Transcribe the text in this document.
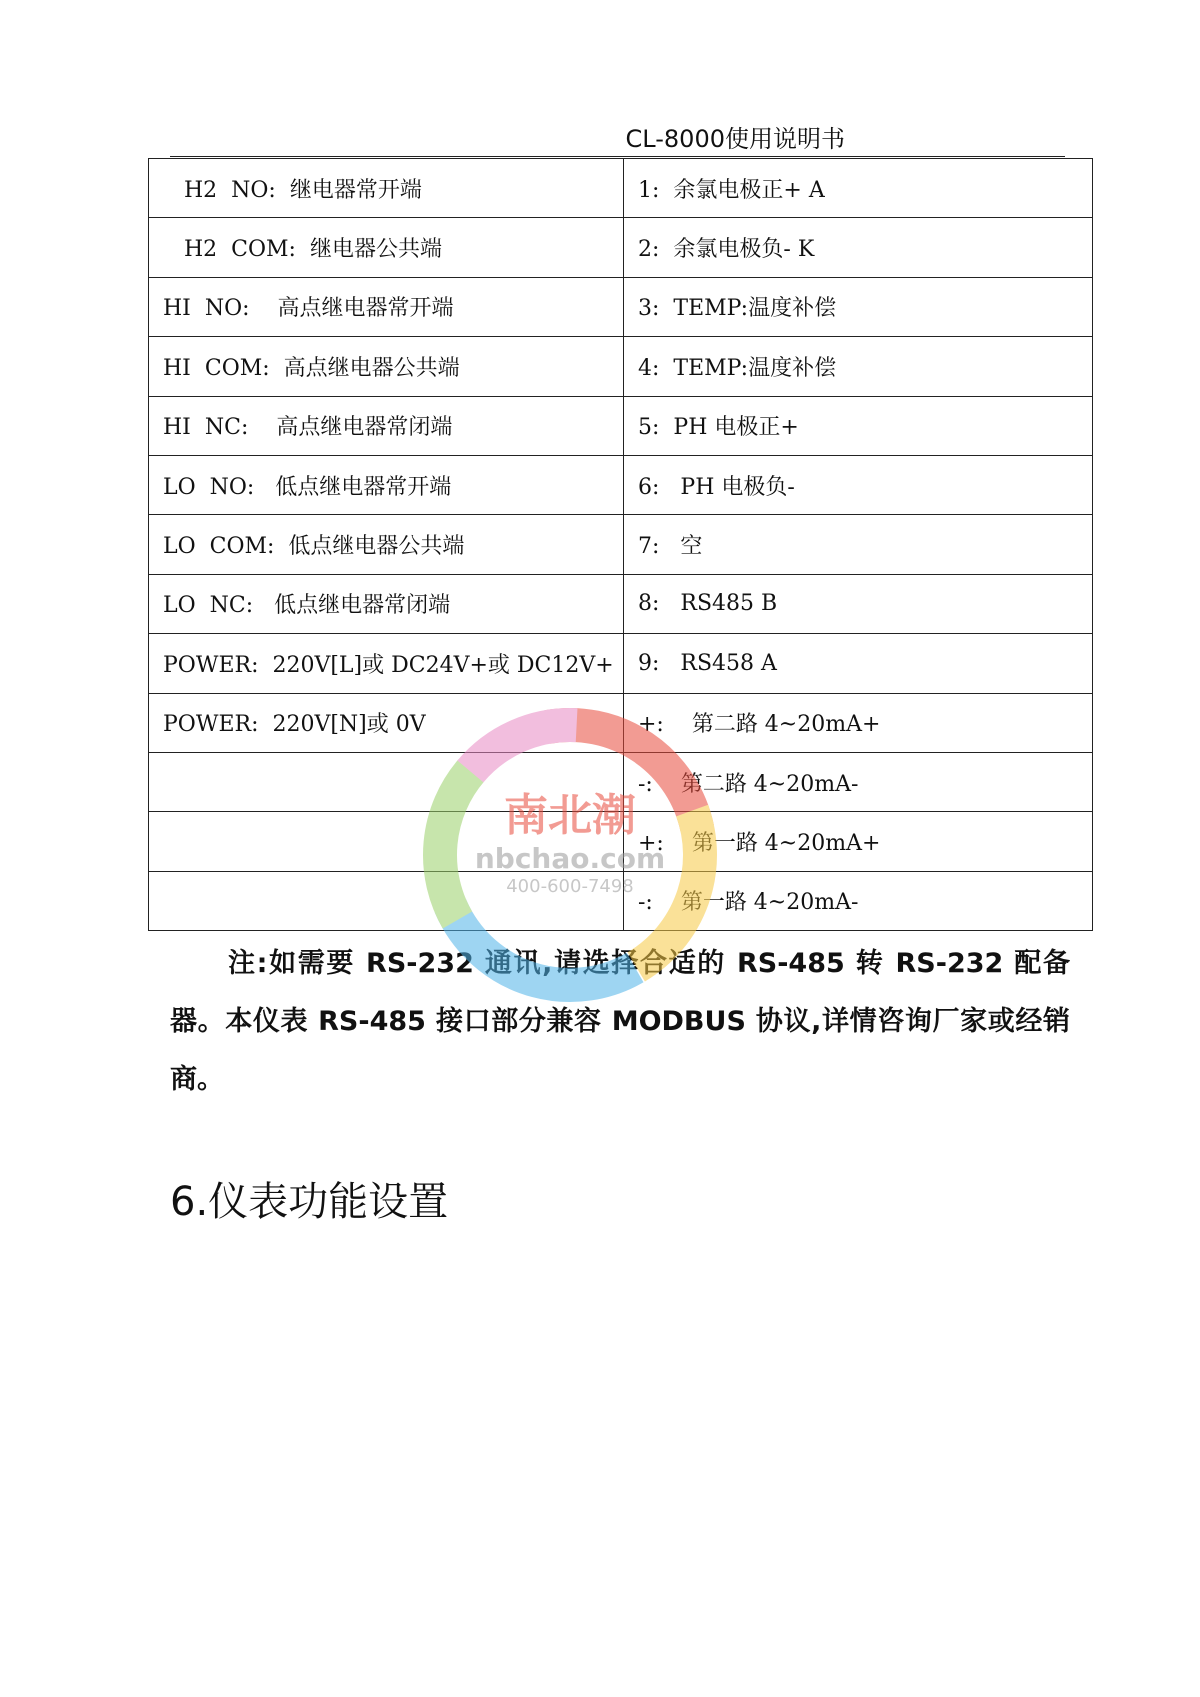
CL-8000使用说明书
H2  NO:  继电器常开端	1:  余氯电极正+ A
H2  COM:  继电器公共端	2:  余氯电极负- K
HI  NO:    高点继电器常开端	3:  TEMP:温度补偿
HI  COM:  高点继电器公共端	4:  TEMP:温度补偿
HI  NC:    高点继电器常闭端	5:  PH 电极正+
LO  NO:   低点继电器常开端	6:   PH 电极负-
LO  COM:  低点继电器公共端	7:   空
LO  NC:   低点继电器常闭端	8:   RS485 B
POWER:  220V[L]或 DC24V+或 DC12V+	9:   RS458 A
POWER:  220V[N]或 0V	+:    第二路 4~20mA+
	-:    第二路 4~20mA-
	+:    第一路 4~20mA+
	-:    第一路 4~20mA-
注:如需要 RS-232 通讯,请选择合适的 RS-485 转 RS-232 配备器。本仪表 RS-485 接口部分兼容 MODBUS 协议,详情咨询厂家或经销商。
6.仪表功能设置
南北潮
nbchao.com
400-600-7498
